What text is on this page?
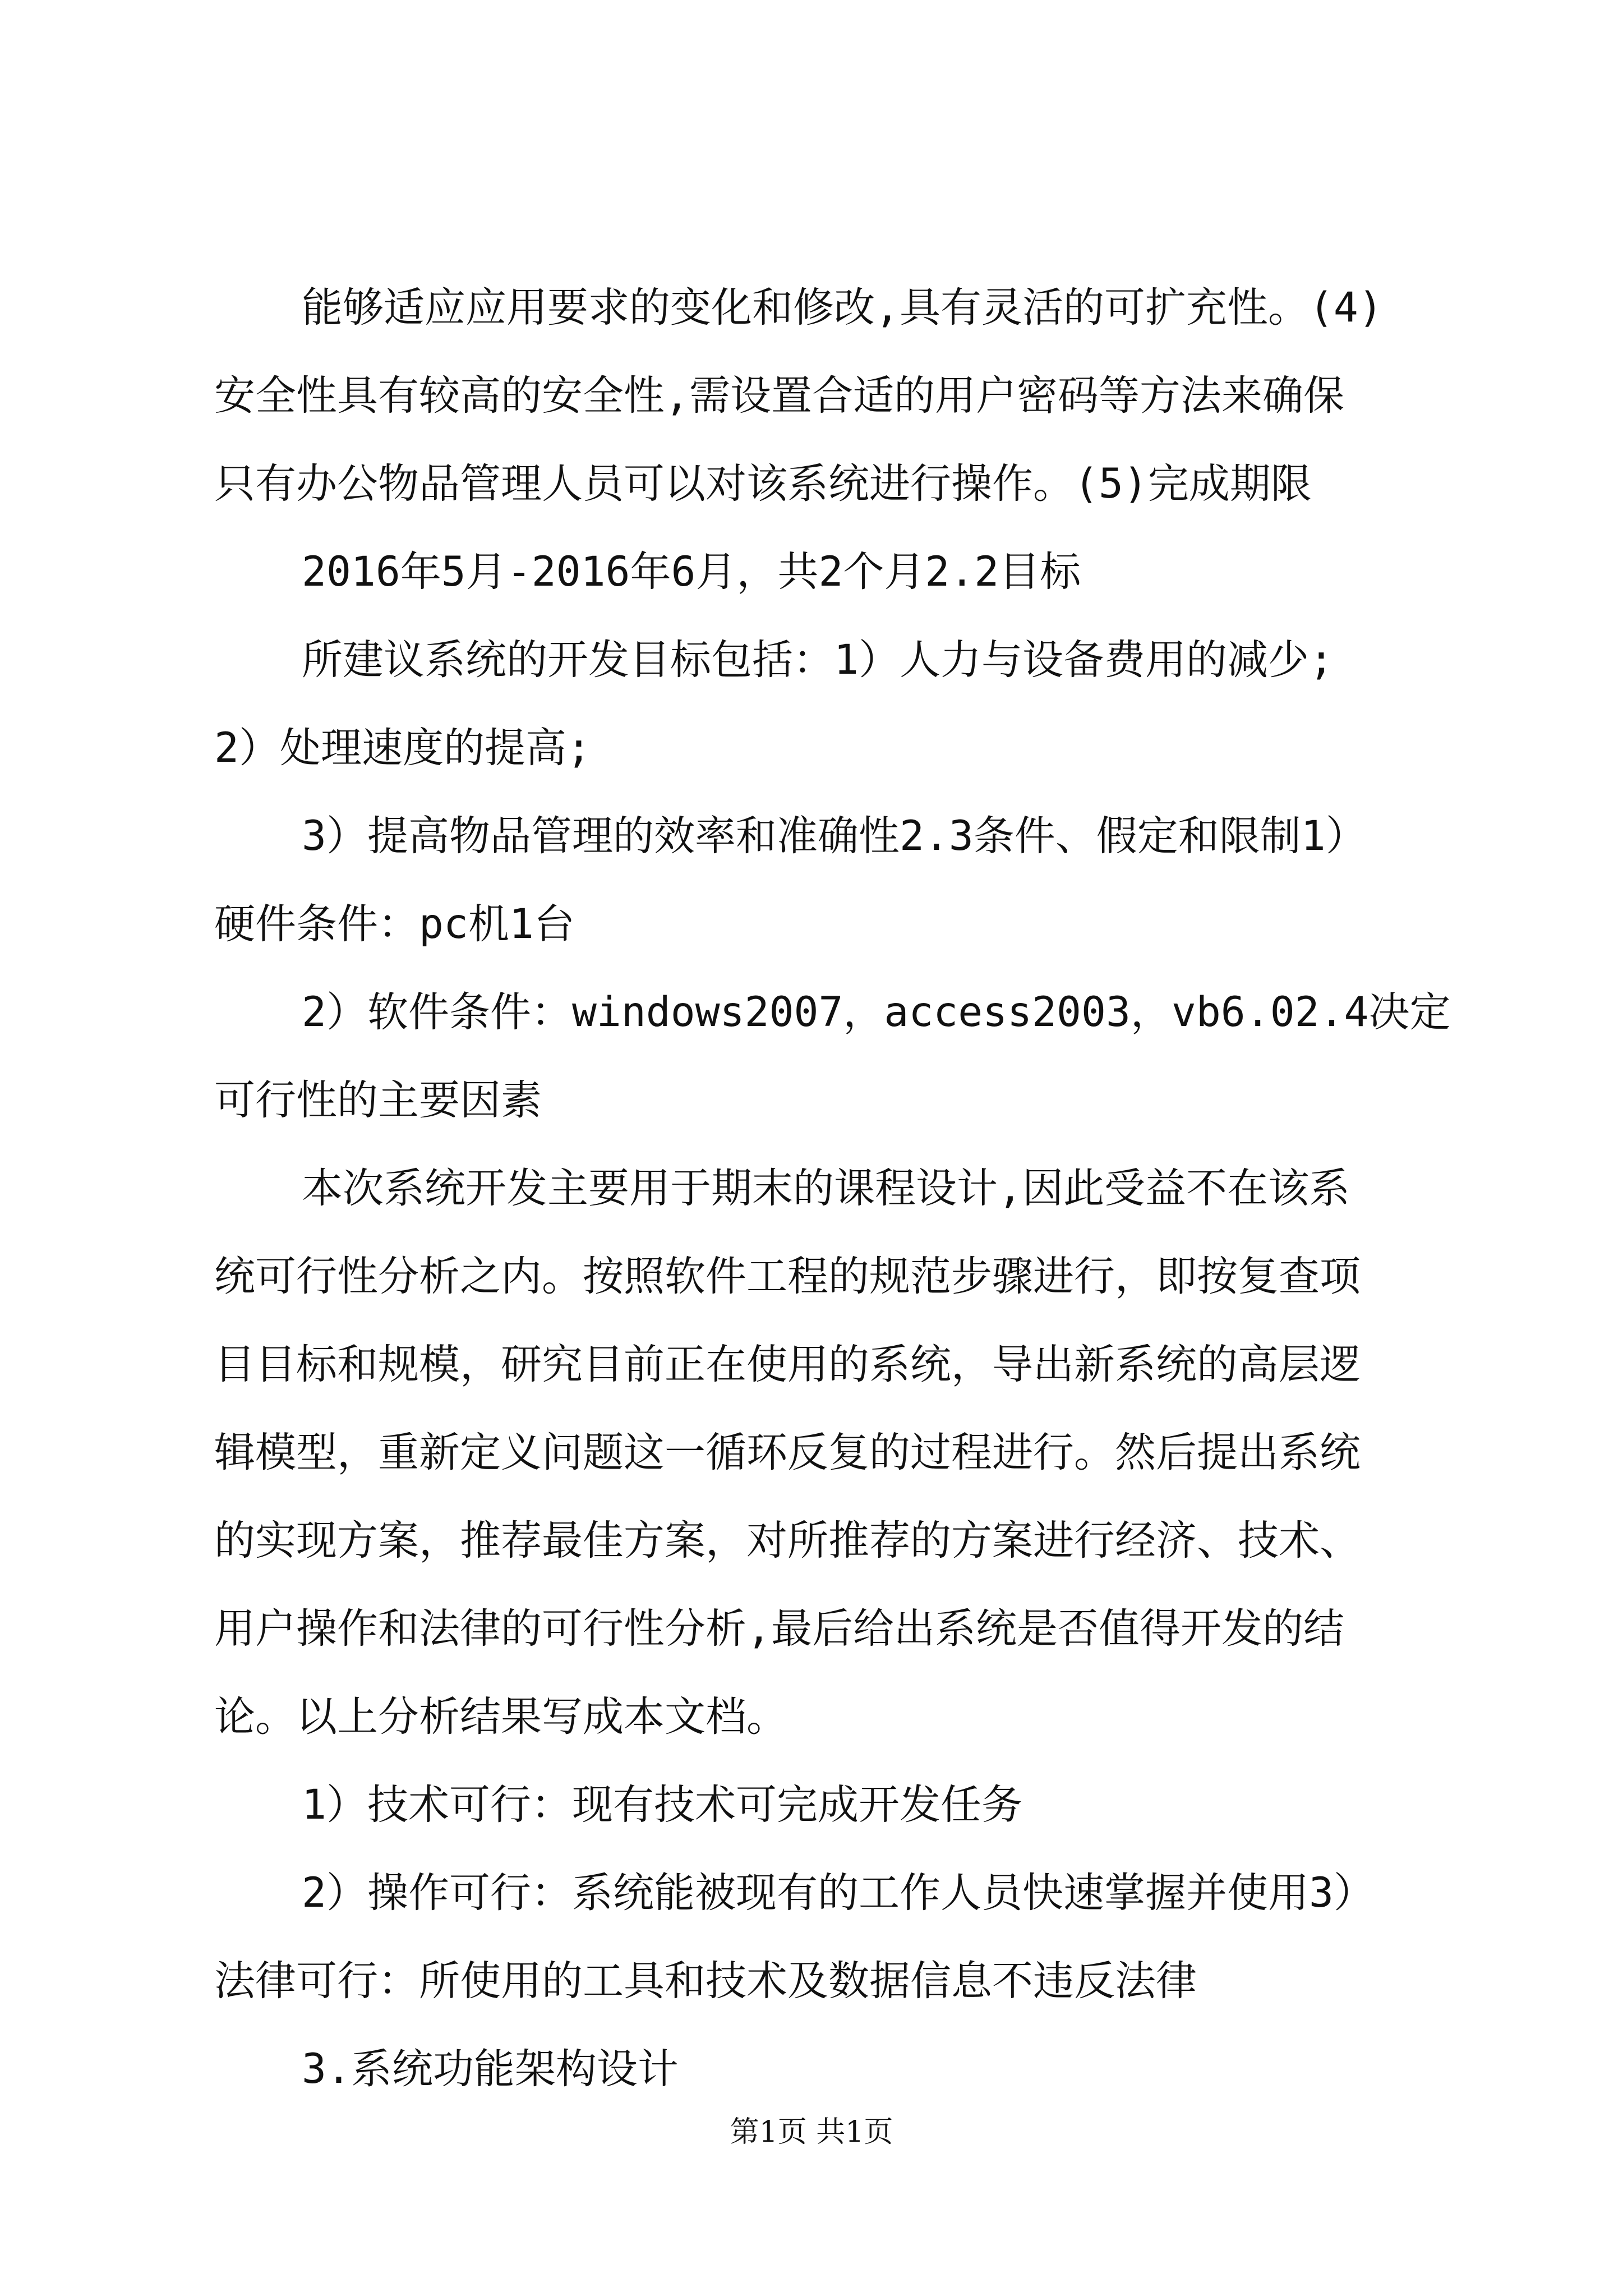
能够适应应用要求的变化和修改,具有灵活的可扩充性。(4)
安全性具有较高的安全性,需设置合适的用户密码等方法来确保
只有办公物品管理人员可以对该系统进行操作。(5)完成期限
2016年5月-2016年6月，共2个月2.2目标
所建议系统的开发目标包括：1）人力与设备费用的减少;
2）处理速度的提高;
3）提高物品管理的效率和准确性2.3条件、假定和限制1）
硬件条件：pc机1台
2）软件条件：windows2007，access2003，vb6.02.4决定
可行性的主要因素
本次系统开发主要用于期末的课程设计,因此受益不在该系
统可行性分析之内。按照软件工程的规范步骤进行，即按复查项
目目标和规模，研究目前正在使用的系统，导出新系统的高层逻
辑模型，重新定义问题这一循环反复的过程进行。然后提出系统
的实现方案，推荐最佳方案，对所推荐的方案进行经济、技术、
用户操作和法律的可行性分析,最后给出系统是否值得开发的结
论。以上分析结果写成本文档。
1）技术可行：现有技术可完成开发任务
2）操作可行：系统能被现有的工作人员快速掌握并使用3）
法律可行：所使用的工具和技术及数据信息不违反法律
3.系统功能架构设计
第1页 共1页
